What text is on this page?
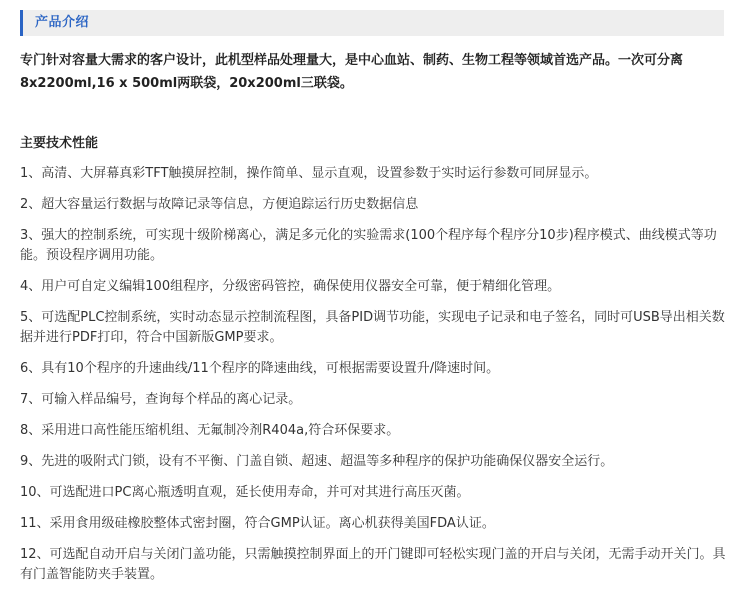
产品介绍
专门针对容量大需求的客户设计，此机型样品处理量大，是中心血站、制药、生物工程等领域首选产品。一次可分离8x2200ml,16 x 500ml两联袋，20x200ml三联袋。
主要技术性能
1、高清、大屏幕真彩TFT触摸屏控制，操作简单、显示直观，设置参数于实时运行参数可同屏显示。
2、超大容量运行数据与故障记录等信息，方便追踪运行历史数据信息
3、强大的控制系统，可实现十级阶梯离心，满足多元化的实验需求(100个程序每个程序分10步)程序模式、曲线模式等功能。预设程序调用功能。
4、用户可自定义编辑100组程序，分级密码管控，确保使用仪器安全可靠，便于精细化管理。
5、可选配PLC控制系统，实时动态显示控制流程图，具备PID调节功能，实现电子记录和电子签名，同时可USB导出相关数据并进行PDF打印，符合中国新版GMP要求。
6、具有10个程序的升速曲线/11个程序的降速曲线，可根据需要设置升/降速时间。
7、可输入样品编号，查询每个样品的离心记录。
8、采用进口高性能压缩机组、无氟制冷剂R404a,符合环保要求。
9、先进的吸附式门锁，设有不平衡、门盖自锁、超速、超温等多种程序的保护功能确保仪器安全运行。
10、可选配进口PC离心瓶透明直观，延长使用寿命，并可对其进行高压灭菌。
11、采用食用级硅橡胶整体式密封圈，符合GMP认证。离心机获得美国FDA认证。
12、可选配自动开启与关闭门盖功能，只需触摸控制界面上的开门键即可轻松实现门盖的开启与关闭，无需手动开关门。具有门盖智能防夹手装置。
